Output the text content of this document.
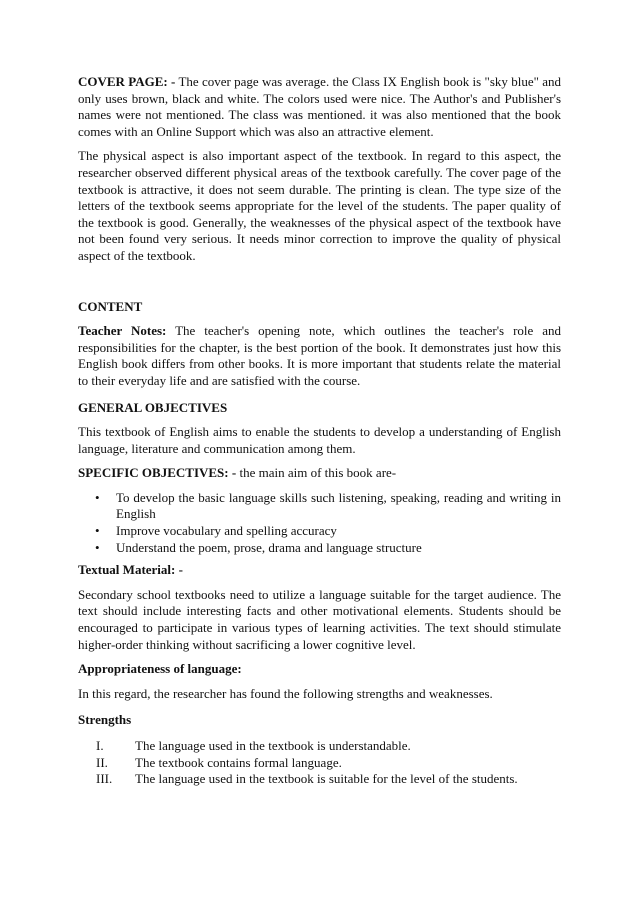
COVER PAGE: - The cover page was average. the Class IX English book is "sky blue" and only uses brown, black and white. The colors used were nice. The Author's and Publisher's names were not mentioned. The class was mentioned. it was also mentioned that the book comes with an Online Support which was also an attractive element.

The physical aspect is also important aspect of the textbook. In regard to this aspect, the researcher observed different physical areas of the textbook carefully. The cover page of the textbook is attractive, it does not seem durable. The printing is clean. The type size of the letters of the textbook seems appropriate for the level of the students. The paper quality of the textbook is good. Generally, the weaknesses of the physical aspect of the textbook have not been found very serious. It needs minor correction to improve the quality of physical aspect of the textbook.

CONTENT

Teacher Notes: The teacher's opening note, which outlines the teacher's role and responsibilities for the chapter, is the best portion of the book. It demonstrates just how this English book differs from other books. It is more important that students relate the material to their everyday life and are satisfied with the course.

GENERAL OBJECTIVES

This textbook of English aims to enable the students to develop a understanding of English language, literature and communication among them.

SPECIFIC OBJECTIVES: - the main aim of this book are-

• To develop the basic language skills such listening, speaking, reading and writing in English
• Improve vocabulary and spelling accuracy
• Understand the poem, prose, drama and language structure

Textual Material: -

Secondary school textbooks need to utilize a language suitable for the target audience. The text should include interesting facts and other motivational elements. Students should be encouraged to participate in various types of learning activities. The text should stimulate higher-order thinking without sacrificing a lower cognitive level.

Appropriateness of language:

In this regard, the researcher has found the following strengths and weaknesses.

Strengths

I. The language used in the textbook is understandable.
II. The textbook contains formal language.
III. The language used in the textbook is suitable for the level of the students.
